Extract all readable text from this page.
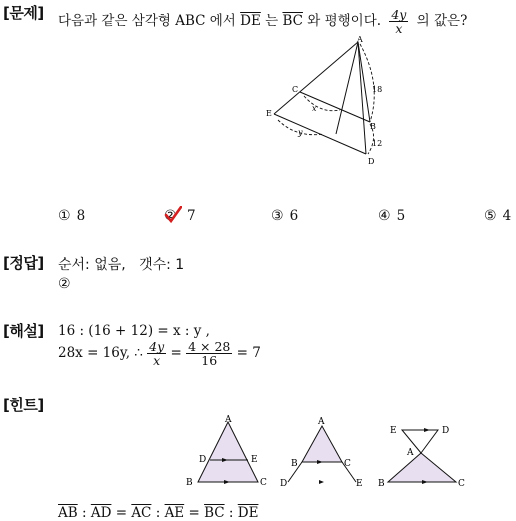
[문제] 다음과 같은 삼각형 ABC 에서 $\overline{DE}$ 는 $\overline{BC}$ 와 평행이다. $\frac{4y}{x}$ 의 값은?
A
C
x
B
E
y
12
D
18
① 8	② 7	③ 6	④ 5	⑤ 4
[정답] 순서: 없음, 갯수: 1
②
[해설] 16 : (16 + 12) = x : y ,
28x = 16y, ∴ $\frac{4y}{x} = \frac{4 \times 28}{16} = 7$
[힌트]
A
D	E
B	C
A
B	C
D	E
E	D
A
B	C
$\overline{AB}$ : $\overline{AD} = \overline{AC}$ : $\overline{AE} = \overline{BC}$ : $\overline{DE}$
